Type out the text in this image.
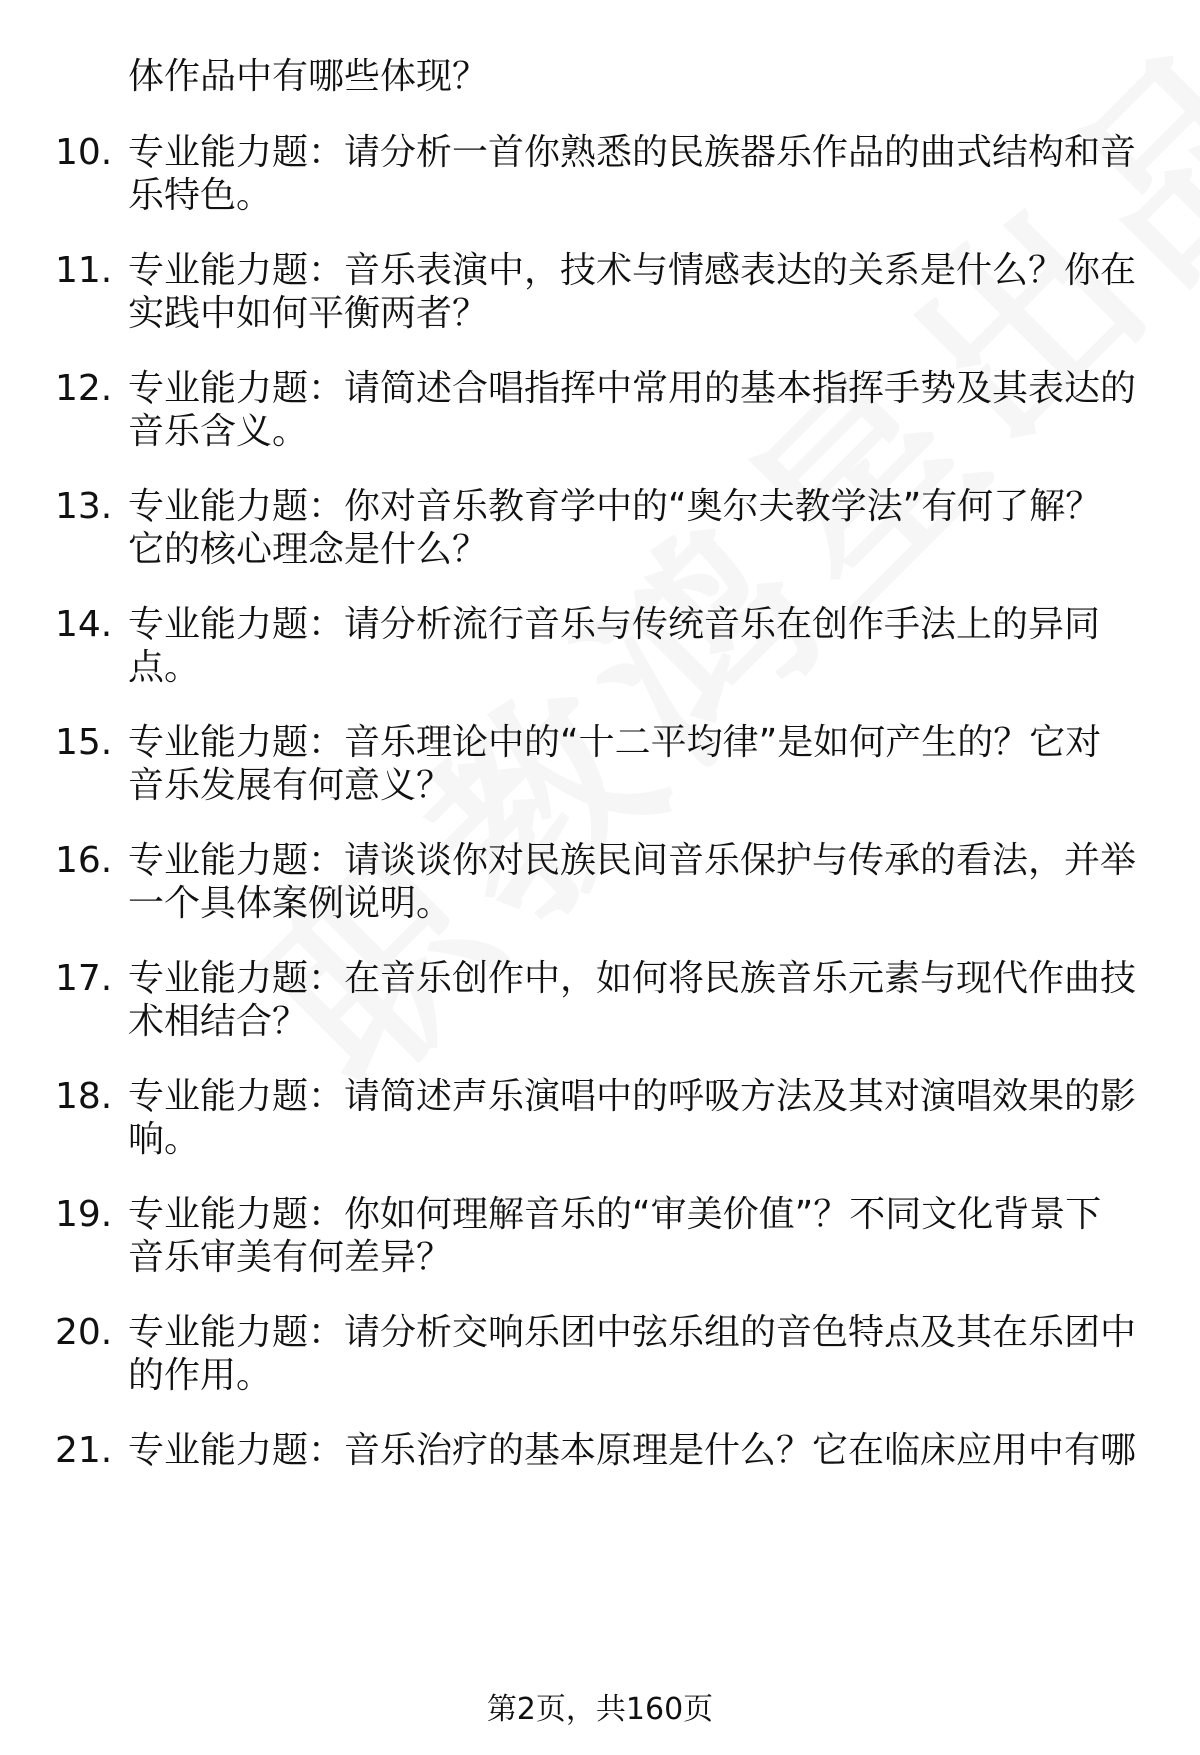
体作品中有哪些体现？
10. 专业能力题：请分析一首你熟悉的民族器乐作品的曲式结构和音
乐特色。
11. 专业能力题：音乐表演中，技术与情感表达的关系是什么？你在
实践中如何平衡两者？
12. 专业能力题：请简述合唱指挥中常用的基本指挥手势及其表达的
音乐含义。
13. 专业能力题：你对音乐教育学中的“奥尔夫教学法”有何了解？
它的核心理念是什么？
14. 专业能力题：请分析流行音乐与传统音乐在创作手法上的异同
点。
15. 专业能力题：音乐理论中的“十二平均律”是如何产生的？它对
音乐发展有何意义？
16. 专业能力题：请谈谈你对民族民间音乐保护与传承的看法，并举
一个具体案例说明。
17. 专业能力题：在音乐创作中，如何将民族音乐元素与现代作曲技
术相结合？
18. 专业能力题：请简述声乐演唱中的呼吸方法及其对演唱效果的影
响。
19. 专业能力题：你如何理解音乐的“审美价值”？不同文化背景下
音乐审美有何差异？
20. 专业能力题：请分析交响乐团中弦乐组的音色特点及其在乐团中
的作用。
21. 专业能力题：音乐治疗的基本原理是什么？它在临床应用中有哪
第2页，共160页
